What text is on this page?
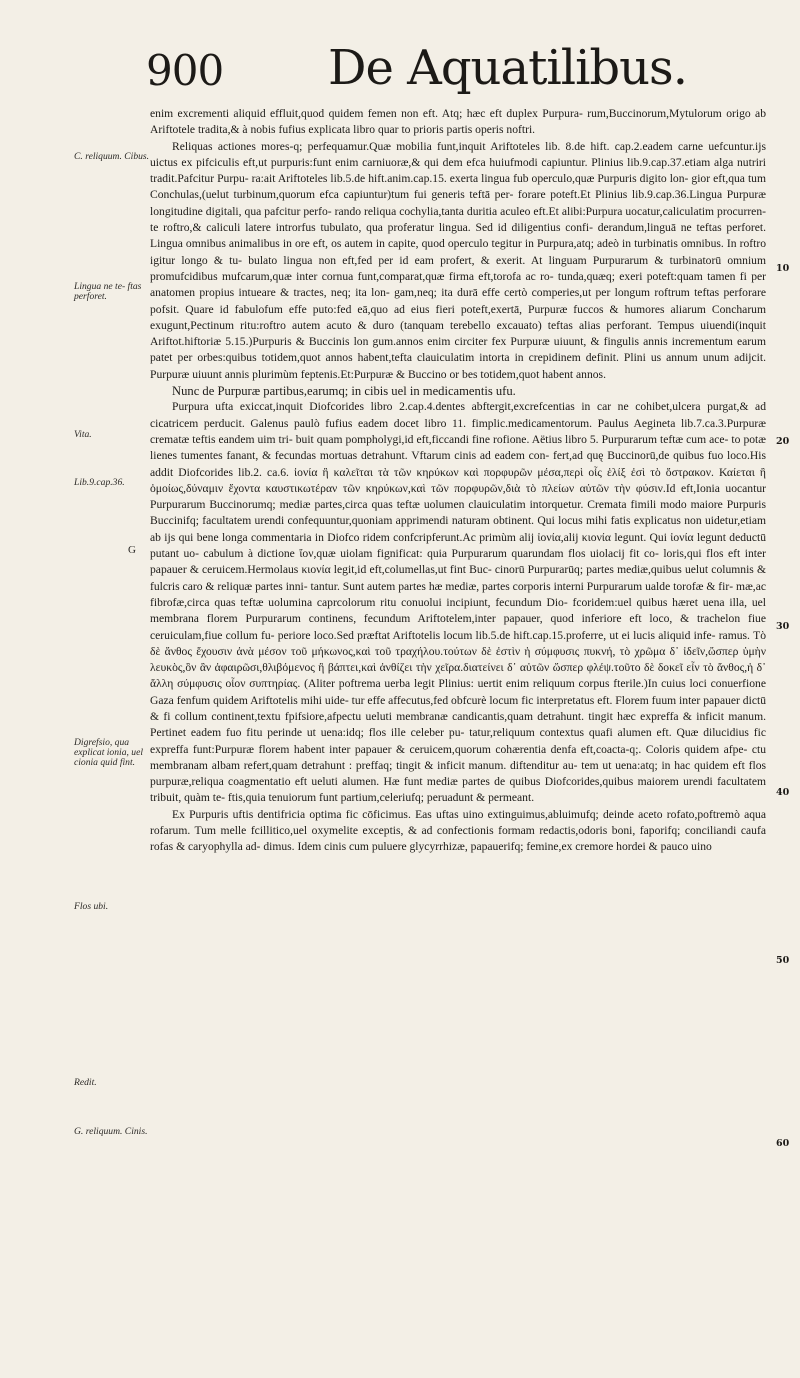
900 De Aquatilibus.

enim excrementi aliquid effluit,quod quidem femen non eft. Atq; hæc eft duplex Purpura‑ rum,Buccinorum,Mytulorum origo ab Ariftotele tradita,& à nobis fufius explicata libro quar to prioris partis operis noftri.

Reliquas actiones mores‑q; perfequamur.Quæ mobilia funt,inquit Ariftoteles lib. 8.de hift. cap.2.eadem carne uefcuntur.ijs uictus ex pifciculis eft,ut purpuris:funt enim carniuoræ,& qui dem efca huiufmodi capiuntur. Plinius lib.9.cap.37.etiam alga nutriri tradit.Pafcitur Purpu‑ ra:ait Ariftoteles lib.5.de hift.anim.cap.15. exerta lingua fub operculo,quæ Purpuris digito lon‑ gior eft,qua tum Conchulas,(uelut turbinum,quorum efca capiuntur)tum fui generis teftā per‑ forare poteft.Et Plinius lib.9.cap.36.Lingua Purpuræ longitudine digitali, qua pafcitur perfo‑ rando reliqua cochylia,tanta duritia aculeo eft.Et alibi:Purpura uocatur,caliculatim procurren‑ te roftro,& caliculi latere introrfus tubulato, qua proferatur lingua. Sed id diligentius confi‑ derandum,linguā ne teftas perforet. Lingua omnibus animalibus in ore eft, os autem in capite, quod operculo tegitur in Purpura,atq; adeò in turbinatis omnibus. In roftro igitur longo & tu‑ bulato lingua non eft,fed per id eam profert, & exerit. At linguam Purpurarum & turbinatorū omnium promufcidibus mufcarum,quæ inter cornua funt,comparat,quæ firma eft,torofa ac ro‑ tunda,quæq; exeri poteft:quam tamen fi per anatomen propius intueare & tractes, neq; ita lon‑ gam,neq; ita durā effe certò comperies,ut per longum roftrum teftas perforare pofsit. Quare id fabulofum effe puto:fed eā,quo ad eius fieri poteft,exertā, Purpuræ fuccos & humores aliarum Concharum exugunt,Pectinum ritu:roftro autem acuto & duro (tanquam terebello excauato) teftas alias perforant. Tempus uiuendi(inquit Ariftot.hiftoriæ 5.15.)Purpuris & Buccinis lon gum.annos enim circiter fex Purpuræ uiuunt, & fingulis annis incrementum earum patet per orbes:quibus totidem,quot annos habent,tefta clauiculatim intorta in crepidinem definit. Plini us annum unum adijcit. Purpuræ uiuunt annis plurimùm feptenis.Et:Purpuræ & Buccino or bes totidem,quot habent annos.

Nunc de Purpuræ partibus,earumq; in cibis uel in medicamentis ufu.

Purpura ufta exiccat,inquit Diofcorides libro 2.cap.4.dentes abftergit,excrefcentias in car ne cohibet,ulcera purgat,& ad cicatricem perducit. Galenus paulò fufius eadem docet libro 11. fimplic.medicamentorum. Paulus Aegineta lib.7.ca.3.Purpuræ crematæ teftis eandem uim tri‑ buit quam pompholygi,id eft,ficcandi fine rofione. Aëtius libro 5. Purpurarum teftæ cum ace‑ to potæ lienes tumentes fanant, & fecundas mortuas detrahunt. Vftarum cinis ad eadem con‑ fert,ad quę Buccinorū,de quibus fuo loco.His addit Diofcorides lib.2. ca.6. ἰονία ἢ καλεῖται τὰ τῶν κηρύκων καὶ πορφυρῶν μέσα,περὶ οἷς ἑλίξ ἐσὶ τὸ ὄστρακον. Καίεται ἢ ὁμοίως,δύναμιν ἔχοντα καυστικωτέραν τῶν κηρύκων,καὶ τῶν πορφυρῶν,διὰ τὸ πλείων αὐτῶν τὴν φύσιν.Id eft,Ionia uocantur Purpurarum Buccinorumq; mediæ partes,circa quas teftæ uolumen clauiculatim intorquetur. Cremata fimili modo maiore Purpuris Buccinifq; facultatem urendi confequuntur,quoniam apprimendi naturam obtinent. Qui locus mihi fatis explicatus non uidetur,etiam ab ijs qui bene longa commentaria in Diofco ridem confcripferunt.Ac primùm alij ἰονία,alij κιονία legunt. Qui ἰονία legunt deductū putant uo‑ cabulum à dictione ἴον,quæ uiolam fignificat: quia Purpurarum quarundam flos uiolacij fit co‑ loris,qui flos eft inter papauer & ceruicem.Hermolaus κιονία legit,id eft,columellas,ut fint Buc‑ cinorū Purpurarūq; partes mediæ,quibus uelut columnis & fulcris caro & reliquæ partes inni‑ tantur. Sunt autem partes hæ mediæ, partes corporis interni Purpurarum ualde torofæ & fir‑ mæ,ac fibrofæ,circa quas teftæ uolumina caprcolorum ritu conuolui incipiunt, fecundum Dio‑ fcoridem:uel quibus hæret uena illa, uel membrana florem Purpurarum continens, fecundum Ariftotelem,inter papauer, quod inferiore eft loco, & trachelon fiue ceruiculam,fiue collum fu‑ periore loco.Sed præftat Ariftotelis locum lib.5.de hift.cap.15.proferre, ut ei lucis aliquid infe‑ ramus. Τὸ δὲ ἄνθος ἔχουσιν ἀνὰ μέσον τοῦ μήκωνος,καὶ τοῦ τραχήλου.τούτων δὲ ἐστὶν ἡ σύμφυσις πυκνή, τὸ χρῶμα δ᾿ ἰδεῖν,ὥσπερ ὑμὴν λευκὸς,ὃν ἂν ἀφαιρῶσι,θλιβόμενος ἢ βάπτει,καὶ ἀνθίζει τὴν χεῖρα.διατείνει δ᾿ αὐτῶν ὥσπερ φλέψ.τοῦτο δὲ δοκεῖ εἶν τὸ ἄνθος,ἡ δ᾿ ἄλλη σύμφυσις οἷον συπτηρίας. (Aliter poftrema uerba legit Plinius: uertit enim reliquum corpus fterile.)In cuius loci conuerfione Gaza fenfum quidem Ariftotelis mihi uide‑ tur effe affecutus,fed obfcurè locum fic interpretatus eft. Florem fuum inter papauer dictū & fi collum continent,textu fpifsiore,afpectu ueluti membranæ candicantis,quam detrahunt. tingit hæc expreffa & inficit manum. Pertinet eadem fuo fitu perinde ut uena:idq; flos ille celeber pu‑ tatur,reliquum contextus quafi alumen eft. Quæ dilucidius fic expreffa funt:Purpuræ florem habent inter papauer & ceruicem,quorum cohærentia denfa eft,coacta‑q;. Coloris quidem afpe‑ ctu membranam albam refert,quam detrahunt : preffaq; tingit & inficit manum. diftenditur au‑ tem ut uena:atq; in hac quidem eft flos purpuræ,reliqua coagmentatio eft ueluti alumen. Hæ funt mediæ partes de quibus Diofcorides,quibus maiorem urendi facultatem tribuit, quàm te‑ ftis,quia tenuiorum funt partium,celeriufq; peruadunt & permeant.

Ex Purpuris uftis dentifricia optima fic cōficimus. Eas uftas uino extinguimus,abluimufq; deinde aceto rofato,poftremò aqua rofarum. Tum melle fcillitico,uel oxymelite exceptis, & ad confectionis formam redactis,odoris boni, faporifq; conciliandi caufa rofas & caryophylla ad‑ dimus. Idem cinis cum puluere glycyrrhizæ, papauerifq; femine,ex cremore hordei & pauco uino

C. reliquum. Cibus.
Lingua ne te‑ ftas perforet.
Vita.
Lib.9.cap.36.
G
Digrefsio, qua explicat ionia, uel cionia quid fint.
Flos ubi.
Redit.
G. reliquum. Cinis.
10
20
30
40
50
60
